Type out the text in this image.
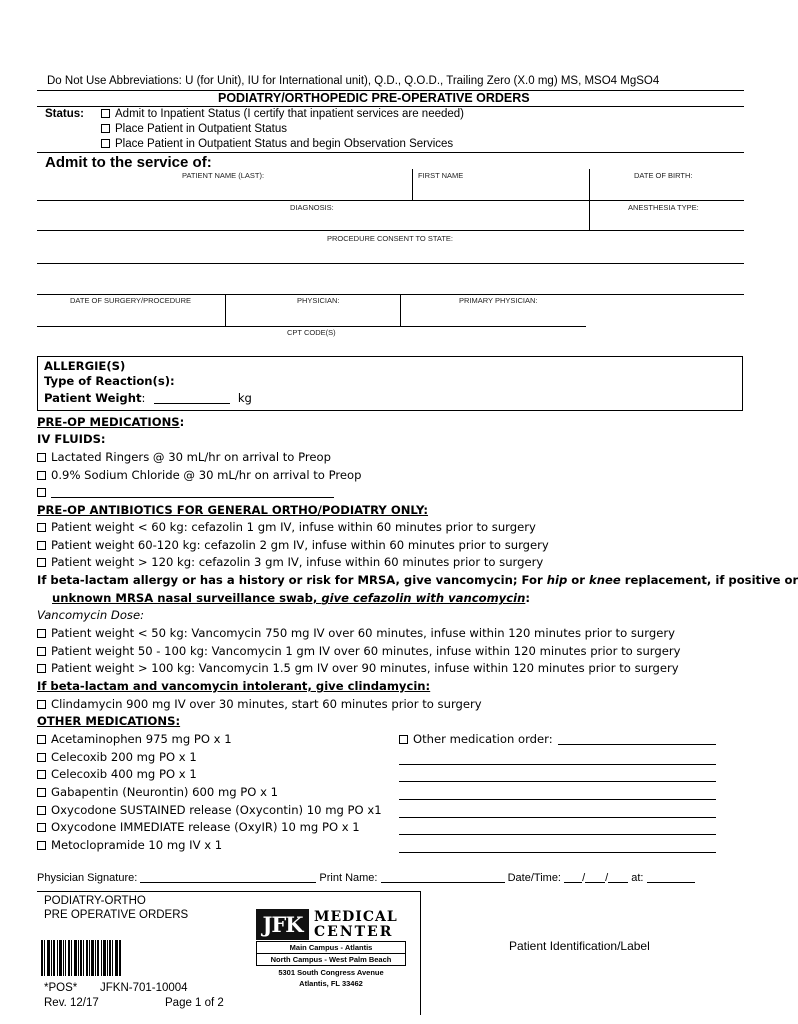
Do Not Use Abbreviations: U (for Unit), IU for International unit), Q.D., Q.O.D., Trailing Zero (X.0 mg) MS, MSO4 MgSO4
PODIATRY/ORTHOPEDIC PRE-OPERATIVE ORDERS
Status:	Admit to Inpatient Status (I certify that inpatient services are needed)
Place Patient in Outpatient Status
Place Patient in Outpatient Status and begin Observation Services
Admit to the service of:
PATIENT NAME (LAST):	FIRST NAME	DATE OF BIRTH:
DIAGNOSIS:	ANESTHESIA TYPE:
PROCEDURE CONSENT TO STATE:
DATE OF SURGERY/PROCEDURE	PHYSICIAN:	PRIMARY PHYSICIAN:
CPT CODE(S)
ALLERGIE(S)
Type of Reaction(s):
Patient Weight:	kg
PRE-OP MEDICATIONS:
IV FLUIDS:
Lactated Ringers @ 30 mL/hr on arrival to Preop
0.9% Sodium Chloride @ 30 mL/hr on arrival to Preop
PRE-OP ANTIBIOTICS FOR GENERAL ORTHO/PODIATRY ONLY:
Patient weight < 60 kg: cefazolin 1 gm IV, infuse within 60 minutes prior to surgery
Patient weight 60-120 kg: cefazolin 2 gm IV, infuse within 60 minutes prior to surgery
Patient weight > 120 kg: cefazolin 3 gm IV, infuse within 60 minutes prior to surgery
If beta-lactam allergy or has a history or risk for MRSA, give vancomycin; For hip or knee replacement, if positive or
unknown MRSA nasal surveillance swab, give cefazolin with vancomycin:
Vancomycin Dose:
Patient weight < 50 kg: Vancomycin 750 mg IV over 60 minutes, infuse within 120 minutes prior to surgery
Patient weight 50 - 100 kg: Vancomycin 1 gm IV over 60 minutes, infuse within 120 minutes prior to surgery
Patient weight > 100 kg: Vancomycin 1.5 gm IV over 90 minutes, infuse within 120 minutes prior to surgery
If beta-lactam and vancomycin intolerant, give clindamycin:
Clindamycin 900 mg IV over 30 minutes, start 60 minutes prior to surgery
OTHER MEDICATIONS:
Acetaminophen 975 mg PO x 1
Celecoxib 200 mg PO x 1
Celecoxib 400 mg PO x 1
Gabapentin (Neurontin) 600 mg PO x 1
Oxycodone SUSTAINED release (Oxycontin) 10 mg PO x1
Oxycodone IMMEDIATE release (OxyIR) 10 mg PO x 1
Metoclopramide 10 mg IV x 1
Other medication order:
Physician Signature:	Print Name:	Date/Time: / / at:
PODIATRY-ORTHO
PRE OPERATIVE ORDERS
*POS* JFKN-701-10004
Rev. 12/17	Page 1 of 2
JFK MEDICAL
CENTER
Main Campus - Atlantis
North Campus - West Palm Beach
5301 South Congress Avenue
Atlantis, FL 33462
Patient Identification/Label
